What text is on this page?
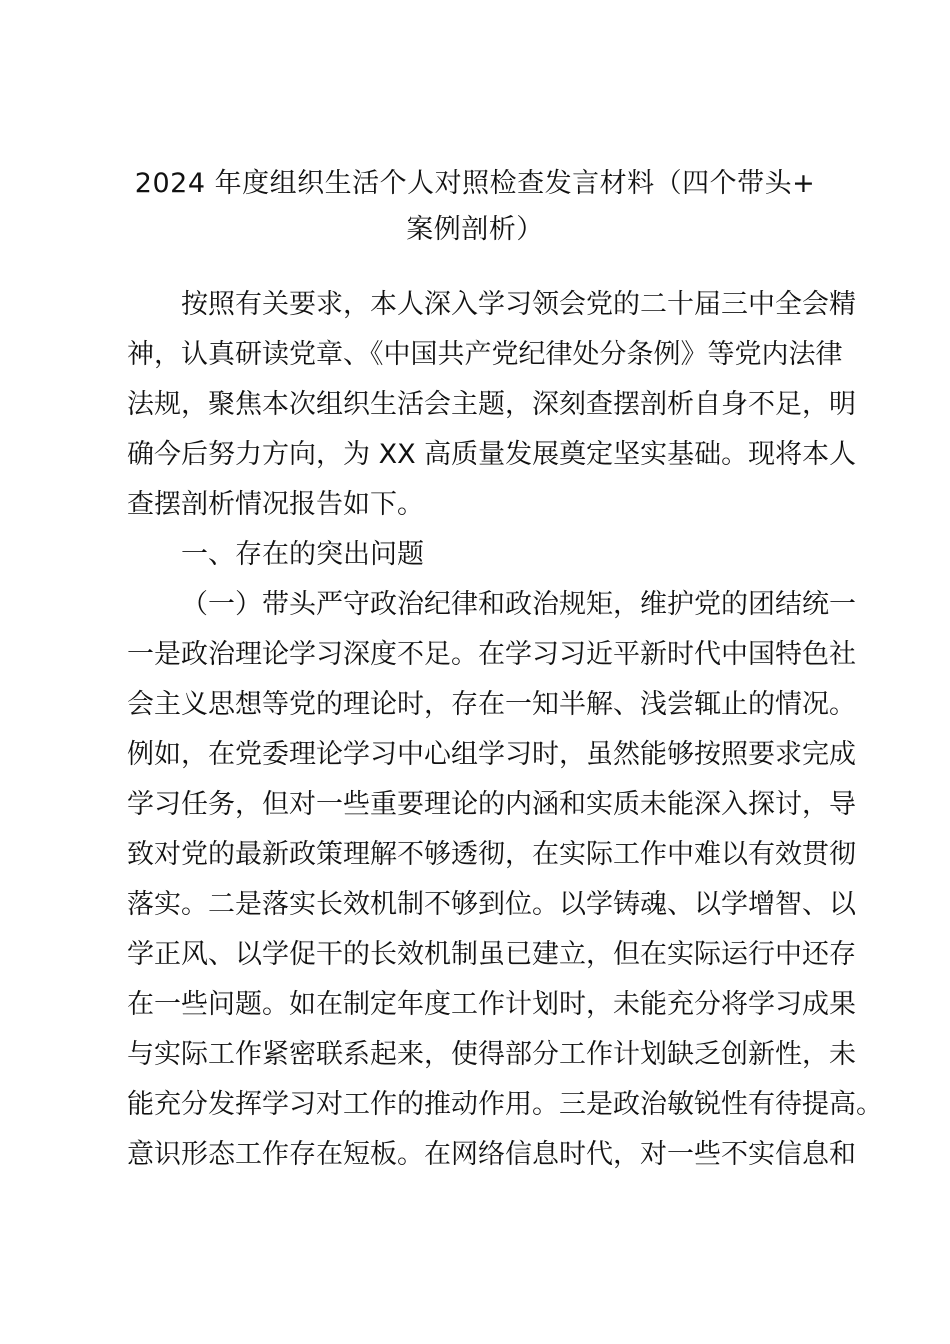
2024 年度组织生活个人对照检查发言材料（四个带头+
案例剖析）
按照有关要求，本人深入学习领会党的二十届三中全会精
神，认真研读党章、《中国共产党纪律处分条例》等党内法律
法规，聚焦本次组织生活会主题，深刻查摆剖析自身不足，明
确今后努力方向，为 XX 高质量发展奠定坚实基础。现将本人
查摆剖析情况报告如下。
一、存在的突出问题
（一）带头严守政治纪律和政治规矩，维护党的团结统一
一是政治理论学习深度不足。在学习习近平新时代中国特色社
会主义思想等党的理论时，存在一知半解、浅尝辄止的情况。
例如，在党委理论学习中心组学习时，虽然能够按照要求完成
学习任务，但对一些重要理论的内涵和实质未能深入探讨，导
致对党的最新政策理解不够透彻，在实际工作中难以有效贯彻
落实。二是落实长效机制不够到位。以学铸魂、以学增智、以
学正风、以学促干的长效机制虽已建立，但在实际运行中还存
在一些问题。如在制定年度工作计划时，未能充分将学习成果
与实际工作紧密联系起来，使得部分工作计划缺乏创新性，未
能充分发挥学习对工作的推动作用。三是政治敏锐性有待提高。
意识形态工作存在短板。在网络信息时代，对一些不实信息和
